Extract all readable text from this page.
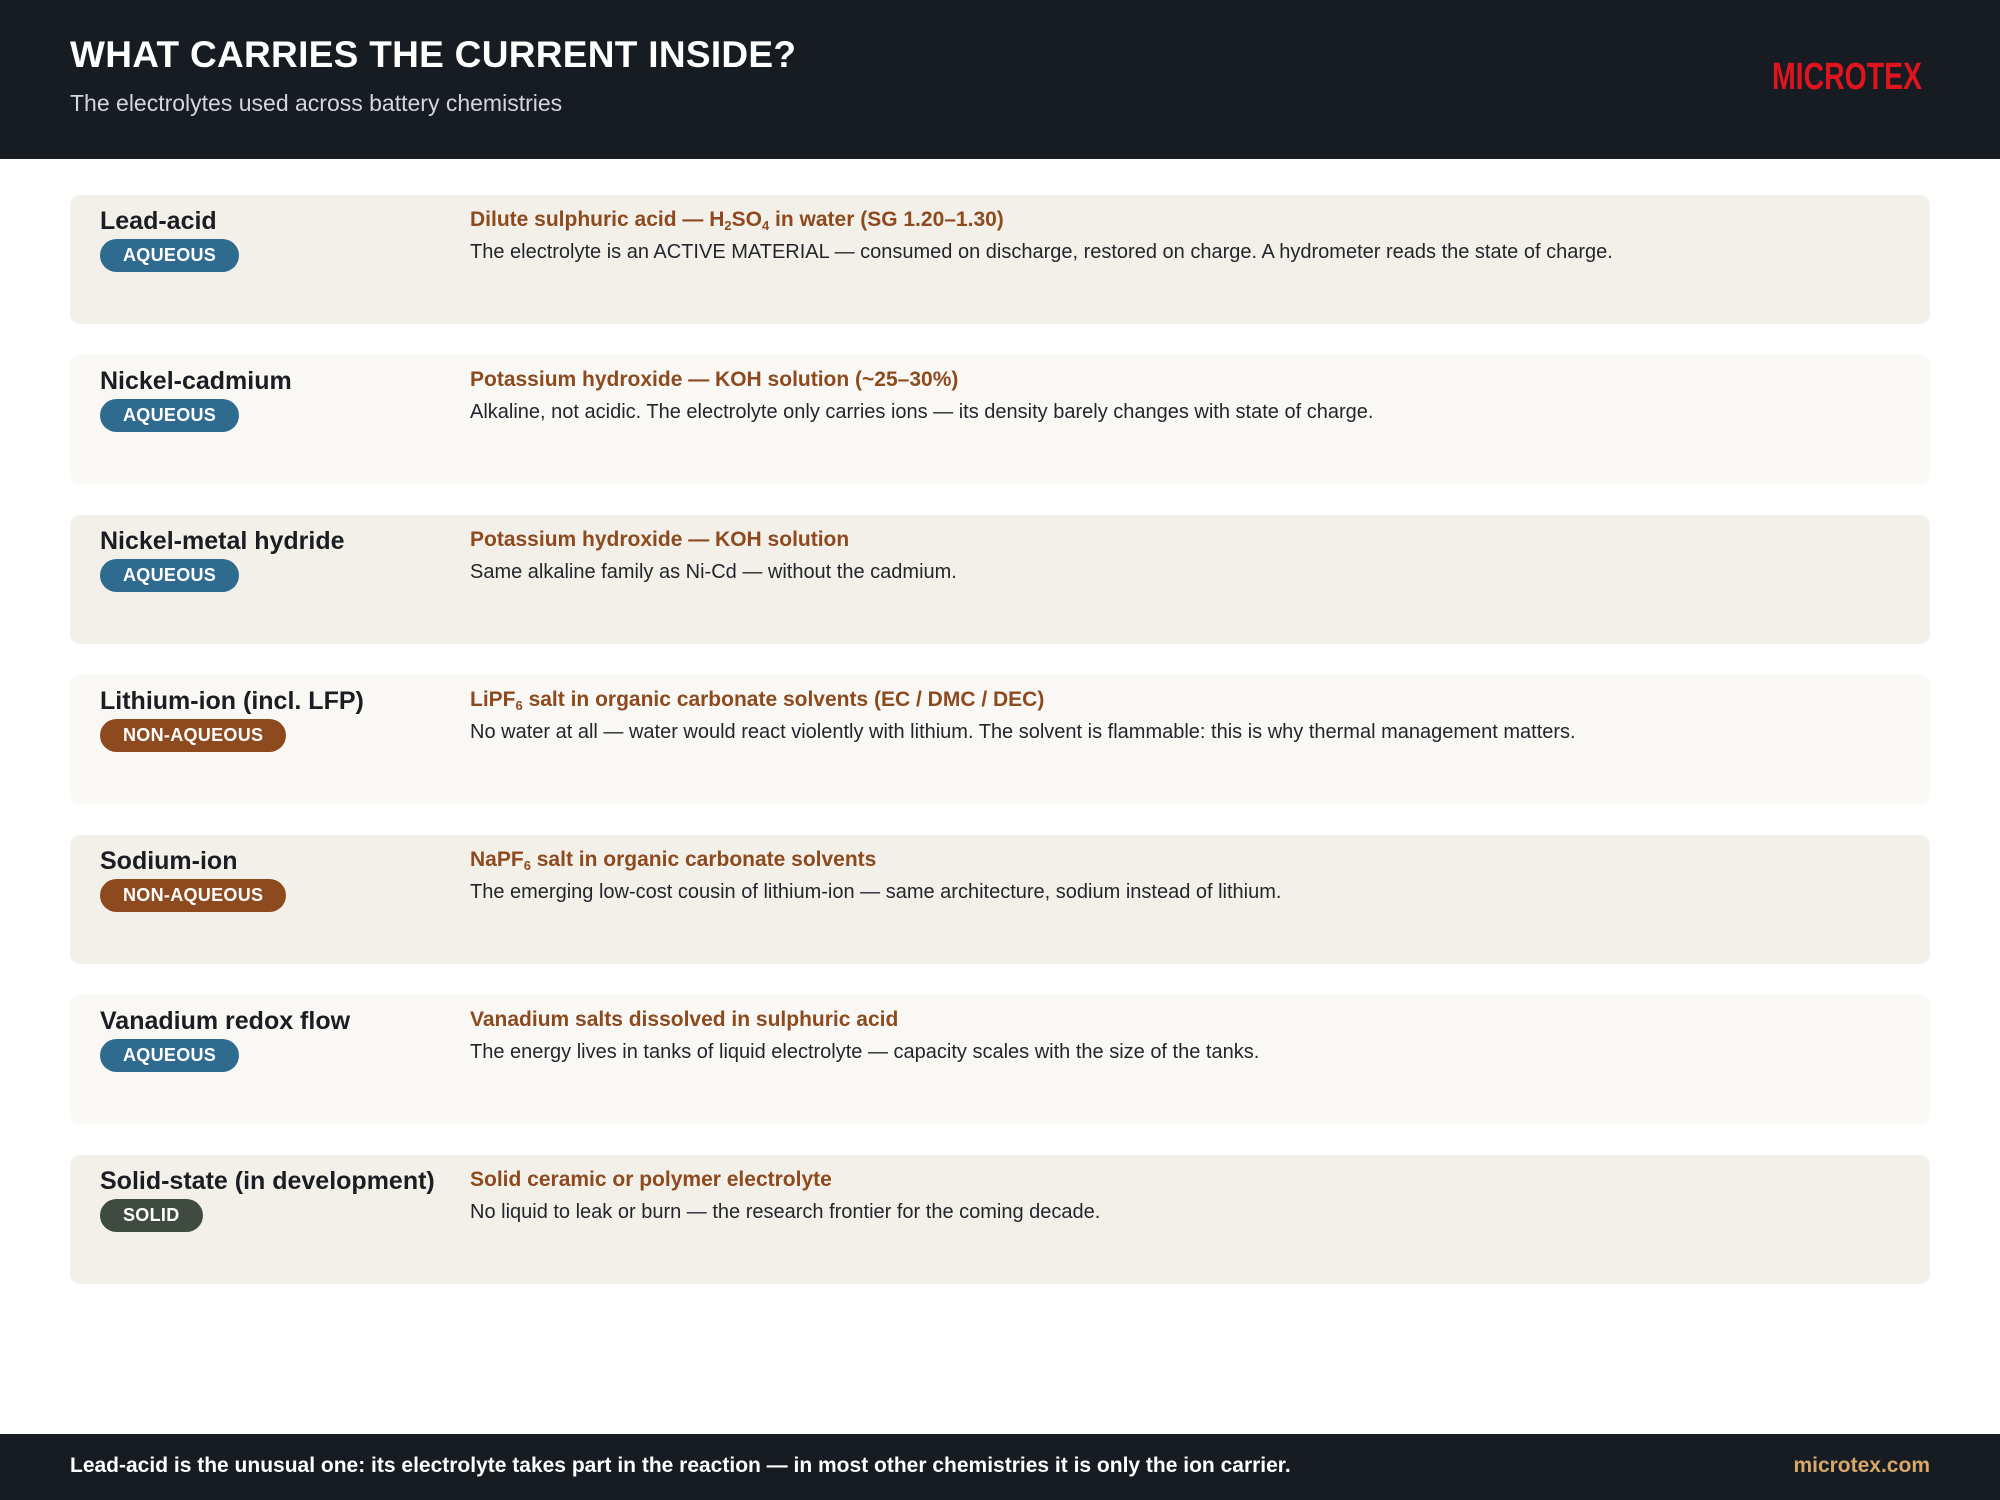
WHAT CARRIES THE CURRENT INSIDE?
The electrolytes used across battery chemistries
MICROTEX
Lead-acid
AQUEOUS
Dilute sulphuric acid — $H_2SO_4$ in water (SG 1.20–1.30)
The electrolyte is an ACTIVE MATERIAL — consumed on discharge, restored on charge. A hydrometer reads the state of charge.
Nickel-cadmium
AQUEOUS
Potassium hydroxide — KOH solution (~25–30%)
Alkaline, not acidic. The electrolyte only carries ions — its density barely changes with state of charge.
Nickel-metal hydride
AQUEOUS
Potassium hydroxide — KOH solution
Same alkaline family as Ni-Cd — without the cadmium.
Lithium-ion (incl. LFP)
NON-AQUEOUS
LiPF$_6$ salt in organic carbonate solvents (EC / DMC / DEC)
No water at all — water would react violently with lithium. The solvent is flammable: this is why thermal management matters.
Sodium-ion
NON-AQUEOUS
NaPF$_6$ salt in organic carbonate solvents
The emerging low-cost cousin of lithium-ion — same architecture, sodium instead of lithium.
Vanadium redox flow
AQUEOUS
Vanadium salts dissolved in sulphuric acid
The energy lives in tanks of liquid electrolyte — capacity scales with the size of the tanks.
Solid-state (in development)
SOLID
Solid ceramic or polymer electrolyte
No liquid to leak or burn — the research frontier for the coming decade.
Lead-acid is the unusual one: its electrolyte takes part in the reaction — in most other chemistries it is only the ion carrier.	microtex.com
